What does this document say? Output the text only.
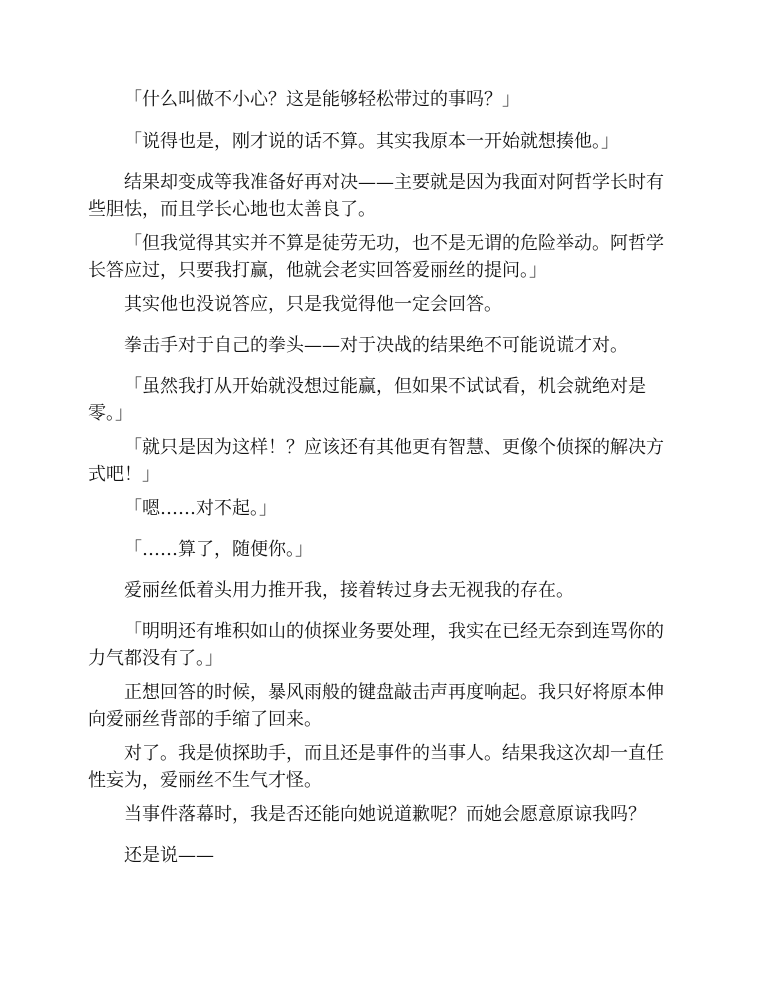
「什么叫做不小心？这是能够轻松带过的事吗？」

「说得也是，刚才说的话不算。其实我原本一开始就想揍他。」

结果却变成等我准备好再对决——主要就是因为我面对阿哲学长时有些胆怯，而且学长心地也太善良了。

「但我觉得其实并不算是徒劳无功，也不是无谓的危险举动。阿哲学长答应过，只要我打赢，他就会老实回答爱丽丝的提问。」

其实他也没说答应，只是我觉得他一定会回答。

拳击手对于自己的拳头——对于决战的结果绝不可能说谎才对。

「虽然我打从开始就没想过能赢，但如果不试试看，机会就绝对是零。」

「就只是因为这样！？应该还有其他更有智慧、更像个侦探的解决方式吧！」

「嗯……对不起。」

「……算了，随便你。」

爱丽丝低着头用力推开我，接着转过身去无视我的存在。

「明明还有堆积如山的侦探业务要处理，我实在已经无奈到连骂你的力气都没有了。」

正想回答的时候，暴风雨般的键盘敲击声再度响起。我只好将原本伸向爱丽丝背部的手缩了回来。

对了。我是侦探助手，而且还是事件的当事人。结果我这次却一直任性妄为，爱丽丝不生气才怪。

当事件落幕时，我是否还能向她说道歉呢？而她会愿意原谅我吗？

还是说——
